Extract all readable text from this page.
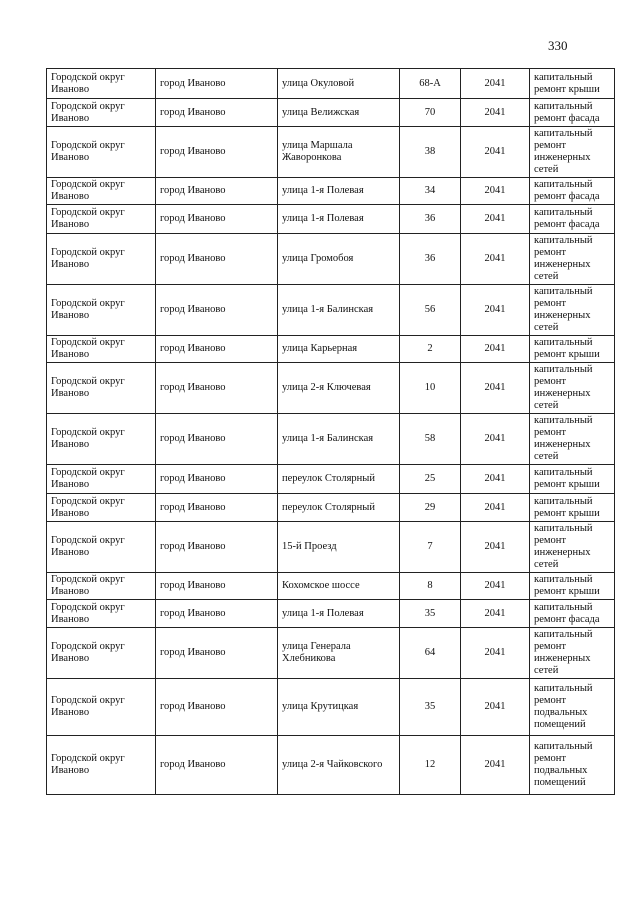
330
Городской округ Иваново	город Иваново	улица Окуловой	68-А	2041	капитальный ремонт крыши
Городской округ Иваново	город Иваново	улица Велижская	70	2041	капитальный ремонт фасада
Городской округ Иваново	город Иваново	улица Маршала Жаворонкова	38	2041	капитальный ремонт инженерных сетей
Городской округ Иваново	город Иваново	улица 1-я Полевая	34	2041	капитальный ремонт фасада
Городской округ Иваново	город Иваново	улица 1-я Полевая	36	2041	капитальный ремонт фасада
Городской округ Иваново	город Иваново	улица Громобоя	36	2041	капитальный ремонт инженерных сетей
Городской округ Иваново	город Иваново	улица 1-я Балинская	56	2041	капитальный ремонт инженерных сетей
Городской округ Иваново	город Иваново	улица Карьерная	2	2041	капитальный ремонт крыши
Городской округ Иваново	город Иваново	улица 2-я Ключевая	10	2041	капитальный ремонт инженерных сетей
Городской округ Иваново	город Иваново	улица 1-я Балинская	58	2041	капитальный ремонт инженерных сетей
Городской округ Иваново	город Иваново	переулок Столярный	25	2041	капитальный ремонт крыши
Городской округ Иваново	город Иваново	переулок Столярный	29	2041	капитальный ремонт крыши
Городской округ Иваново	город Иваново	15-й Проезд	7	2041	капитальный ремонт инженерных сетей
Городской округ Иваново	город Иваново	Кохомское шоссе	8	2041	капитальный ремонт крыши
Городской округ Иваново	город Иваново	улица 1-я Полевая	35	2041	капитальный ремонт фасада
Городской округ Иваново	город Иваново	улица Генерала Хлебникова	64	2041	капитальный ремонт инженерных сетей
Городской округ Иваново	город Иваново	улица Крутицкая	35	2041	капитальный ремонт подвальных помещений
Городской округ Иваново	город Иваново	улица 2-я Чайковского	12	2041	капитальный ремонт подвальных помещений
